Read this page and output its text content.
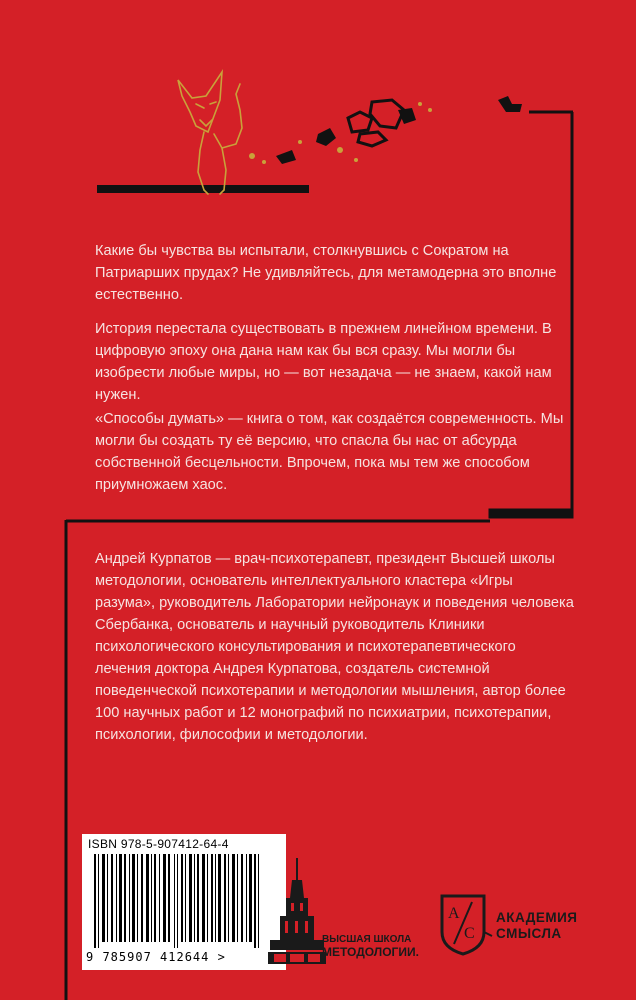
Какие бы чувства вы испытали, столкнувшись с Сократом на Патриарших прудах? Не удивляйтесь, для метамодерна это вполне естественно.

История перестала существовать в прежнем линейном времени. В цифровую эпоху она дана нам как бы вся сразу. Мы могли бы изобрести любые миры, но — вот незадача — не знаем, какой нам нужен.

«Способы думать» — книга о том, как создаётся современность. Мы могли бы создать ту её версию, что спасла бы нас от абсурда собственной бесцельности. Впрочем, пока мы тем же способом приумножаем хаос.

Андрей Курпатов — врач-психотерапевт, президент Высшей школы методологии, основатель интеллектуального кластера «Игры разума», руководитель Лаборатории нейронаук и поведения человека Сбербанка, основатель и научный руководитель Клиники психологического консультирования и психотерапевтического лечения доктора Андрея Курпатова, создатель системной поведенческой психотерапии и методологии мышления, автор более 100 научных работ и 12 монографий по психиатрии, психотерапии, психологии, философии и методологии.

ISBN 978-5-907412-64-4
9 785907 412644 >
ВЫСШАЯ ШКОЛА
МЕТОДОЛОГИИ.
A
C
АКАДЕМИЯ
СМЫСЛА
